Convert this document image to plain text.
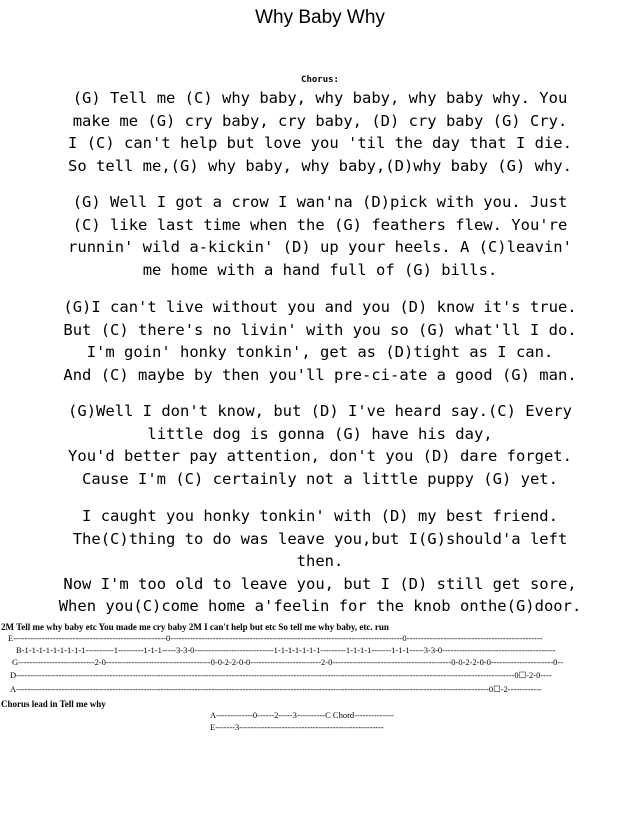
Why Baby Why
Chorus:
(G) Tell me (C) why baby, why baby, why baby why. You
make me (G) cry baby, cry baby, (D) cry baby (G) Cry.
I (C) can't help but love you 'til the day that I die.
So tell me,(G) why baby, why baby,(D)why baby (G) why.
(G) Well I got a crow I wan'na (D)pick with you. Just
(C) like last time when the (G) feathers flew. You're
runnin' wild a-kickin' (D) up your heels. A (C)leavin'
me home with a hand full of (G) bills.
(G)I can't live without you and you (D) know it's true.
But (C) there's no livin' with you so (G) what'll I do.
I'm goin' honky tonkin', get as (D)tight as I can.
And (C) maybe by then you'll pre-ci-ate a good (G) man.
(G)Well I don't know, but (D) I've heard say.(C) Every
little dog is gonna (G) have his day,
You'd better pay attention, don't you (D) dare forget.
Cause I'm (C) certainly not a little puppy (G) yet.
I caught you honky tonkin' with (D) my best friend.
The(C)thing to do was leave you,but I(G)should'a left
then.
Now I'm too old to leave you, but I (D) still get sore,
When you(C)come home a'feelin for the knob onthe(G)door.
2M Tell me why baby etc You made me cry baby 2M I can't help but etc So tell me why baby, etc. run
E------------------------------------------------------0----------------------------------------------------------------------------------0------------------------------------------------
B-1-1-1-1-1-1-1-1-1----------1---------1-1-1-----3-3-0----------------------------1-1-1-1-1-1-1---------1-1-1-1-------1-1-1-----3-3-0----------------------------------------
G---------------------------2-0-------------------------------------0-0-2-2-0-0-------------------------2-0------------------------------------------0-0-2-2-0-0----------------------0--
D--------------------------------------------------------------------------------------------------------------------------------------------------------------------------------0☐-2-0----
A-----------------------------------------------------------------------------------------------------------------------------------------------------------------------0☐-2------------
Chorus lead in Tell me why
A-------------0------2-----3----------C Chord--------------
E-------3---------------------------------------------------
